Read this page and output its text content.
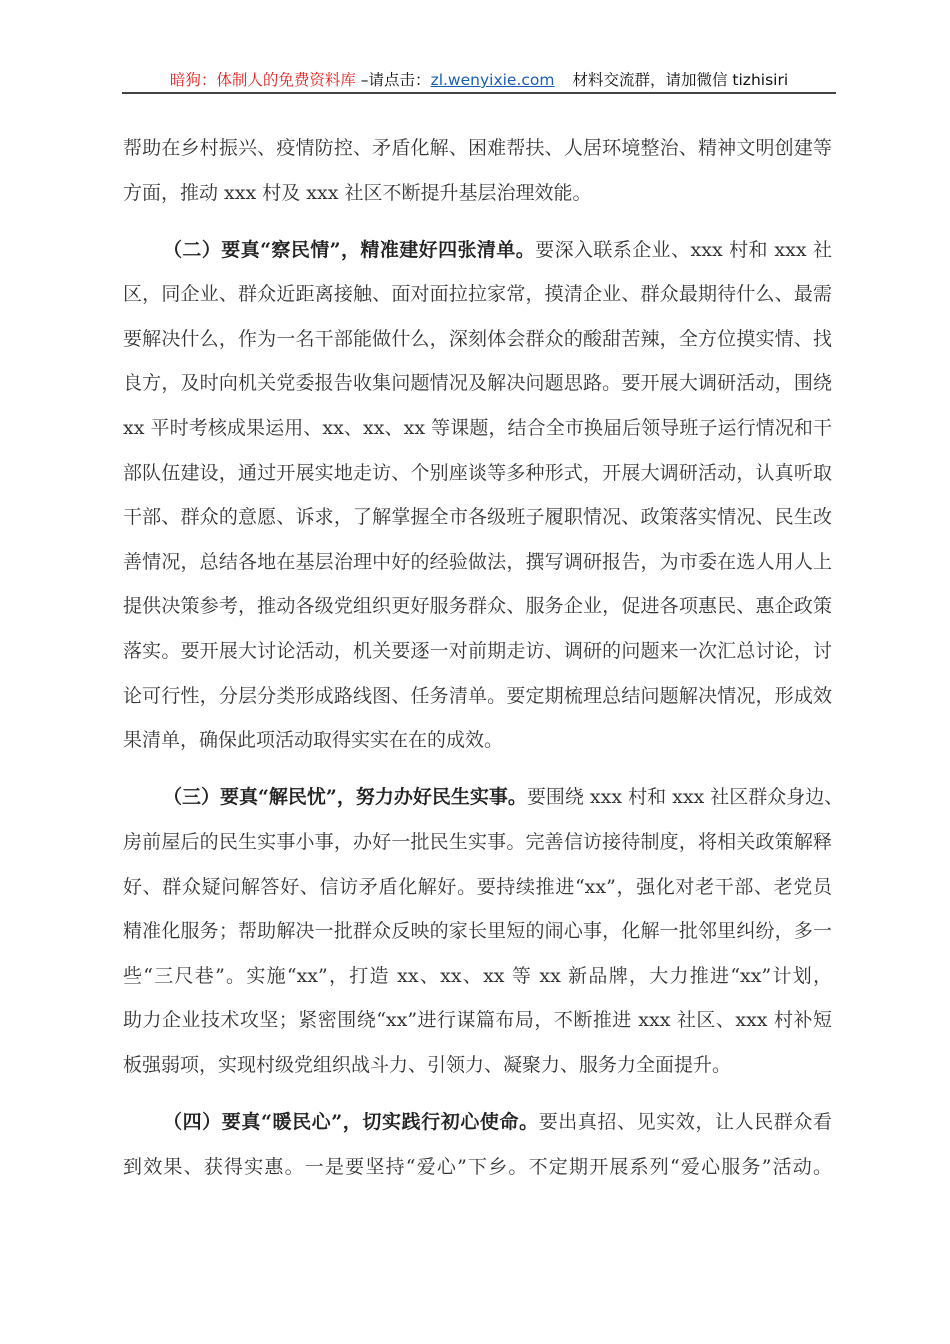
暗狗：体制人的免费资料库 –请点击：zl.wenyixie.com 材料交流群，请加微信 tizhisiri
帮助在乡村振兴、疫情防控、矛盾化解、困难帮扶、人居环境整治、精神文明创建等
方面，推动 xxx 村及 xxx 社区不断提升基层治理效能。
（二）要真“察民情”，精准建好四张清单。要深入联系企业、xxx 村和 xxx 社
区，同企业、群众近距离接触、面对面拉拉家常，摸清企业、群众最期待什么、最需
要解决什么，作为一名干部能做什么，深刻体会群众的酸甜苦辣，全方位摸实情、找
良方，及时向机关党委报告收集问题情况及解决问题思路。要开展大调研活动，围绕
xx 平时考核成果运用、xx、xx、xx 等课题，结合全市换届后领导班子运行情况和干
部队伍建设，通过开展实地走访、个别座谈等多种形式，开展大调研活动，认真听取
干部、群众的意愿、诉求，了解掌握全市各级班子履职情况、政策落实情况、民生改
善情况，总结各地在基层治理中好的经验做法，撰写调研报告，为市委在选人用人上
提供决策参考，推动各级党组织更好服务群众、服务企业，促进各项惠民、惠企政策
落实。要开展大讨论活动，机关要逐一对前期走访、调研的问题来一次汇总讨论，讨
论可行性，分层分类形成路线图、任务清单。要定期梳理总结问题解决情况，形成效
果清单，确保此项活动取得实实在在的成效。
（三）要真“解民忧”，努力办好民生实事。要围绕 xxx 村和 xxx 社区群众身边、
房前屋后的民生实事小事，办好一批民生实事。完善信访接待制度，将相关政策解释
好、群众疑问解答好、信访矛盾化解好。要持续推进“xx”，强化对老干部、老党员
精准化服务；帮助解决一批群众反映的家长里短的闹心事，化解一批邻里纠纷，多一
些“三尺巷”。实施“xx”，打造 xx、xx、xx 等 xx 新品牌，大力推进“xx”计划，
助力企业技术攻坚；紧密围绕“xx”进行谋篇布局，不断推进 xxx 社区、xxx 村补短
板强弱项，实现村级党组织战斗力、引领力、凝聚力、服务力全面提升。
（四）要真“暖民心”，切实践行初心使命。要出真招、见实效，让人民群众看
到效果、获得实惠。一是要坚持“爱心”下乡。不定期开展系列“爱心服务”活动。
